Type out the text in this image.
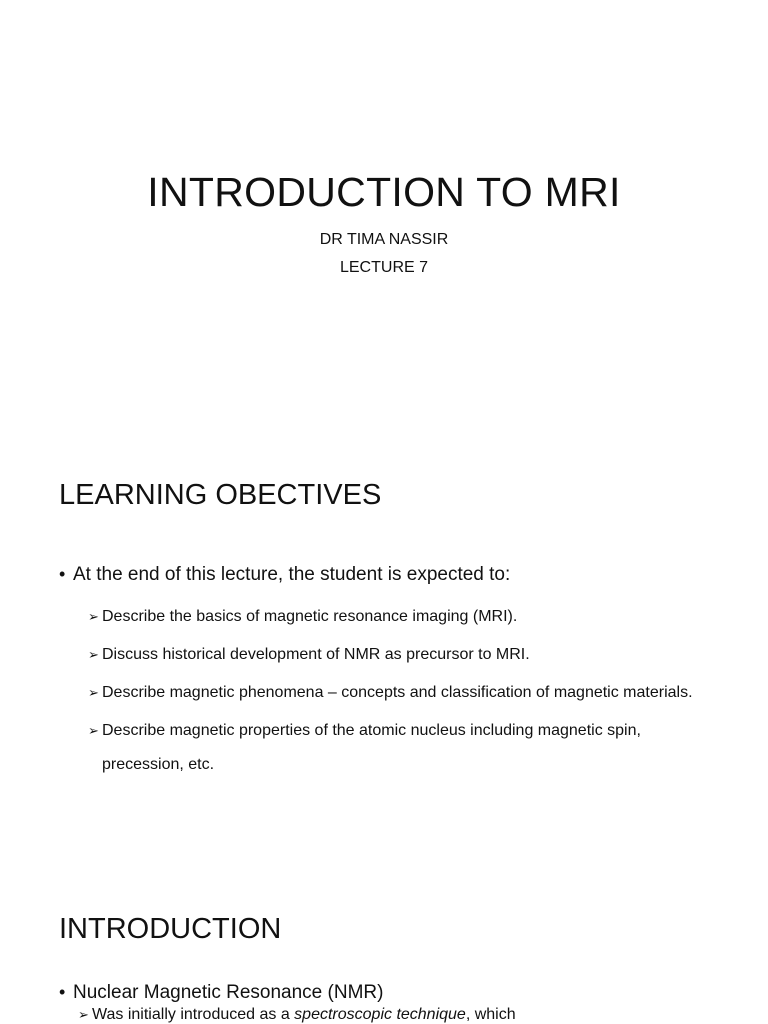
INTRODUCTION TO MRI
DR TIMA NASSIR
LECTURE 7
LEARNING OBECTIVES
• At the end of this lecture, the student is expected to:
➢ Describe the basics of magnetic resonance imaging (MRI).
➢ Discuss historical development of NMR as precursor to MRI.
➢ Describe magnetic phenomena – concepts and classification of magnetic materials.
➢ Describe magnetic properties of the atomic nucleus including magnetic spin, precession, etc.
INTRODUCTION
• Nuclear Magnetic Resonance (NMR)
➢ Was initially introduced as a spectroscopic technique, which
